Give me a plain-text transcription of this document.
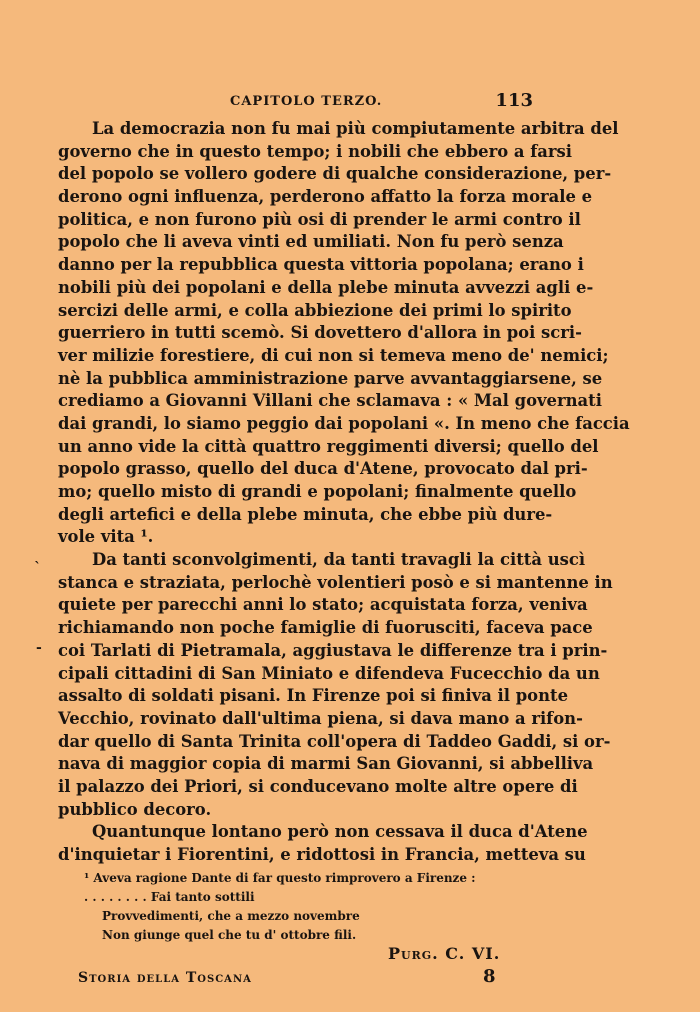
CAPITOLO TERZO.	113
La democrazia non fu mai più compiutamente arbitra del
governo che in questo tempo; i nobili che ebbero a farsi
del popolo se vollero godere di qualche considerazione, per-
derono ogni influenza, perderono affatto la forza morale e
politica, e non furono più osi di prender le armi contro il
popolo che li aveva vinti ed umiliati. Non fu però senza
danno per la repubblica questa vittoria popolana; erano i
nobili più dei popolani e della plebe minuta avvezzi agli e-
sercizi delle armi, e colla abbiezione dei primi lo spirito
guerriero in tutti scemò. Si dovettero d'allora in poi scri-
ver milizie forestiere, di cui non si temeva meno de' nemici;
nè la pubblica amministrazione parve avvantaggiarsene, se
crediamo a Giovanni Villani che sclamava : « Mal governati
dai grandi, lo siamo peggio dai popolani «. In meno che faccia
un anno vide la città quattro reggimenti diversi; quello del
popolo grasso, quello del duca d'Atene, provocato dal pri-
mo; quello misto di grandi e popolani; finalmente quello
degli artefici e della plebe minuta, che ebbe più dure-
vole vita ¹.
Da tanti sconvolgimenti, da tanti travagli la città uscì
stanca e straziata, perlochè volentieri posò e si mantenne in
quiete per parecchi anni lo stato; acquistata forza, veniva
richiamando non poche famiglie di fuorusciti, faceva pace
coi Tarlati di Pietramala, aggiustava le differenze tra i prin-
cipali cittadini di San Miniato e difendeva Fucecchio da un
assalto di soldati pisani. In Firenze poi si finiva il ponte
Vecchio, rovinato dall'ultima piena, si dava mano a rifon-
dar quello di Santa Trinita coll'opera di Taddeo Gaddi, si or-
nava di maggior copia di marmi San Giovanni, si abbelliva
il palazzo dei Priori, si conducevano molte altre opere di
pubblico decoro.
Quantunque lontano però non cessava il duca d'Atene
d'inquietar i Fiorentini, e ridottosi in Francia, metteva su
`
-
¹ Aveva ragione Dante di far questo rimprovero a Firenze :
. . . . . . . . Fai tanto sottili
Provvedimenti, che a mezzo novembre
Non giunge quel che tu d' ottobre fili.
Purg. C. VI.
Storia della Toscana	8
